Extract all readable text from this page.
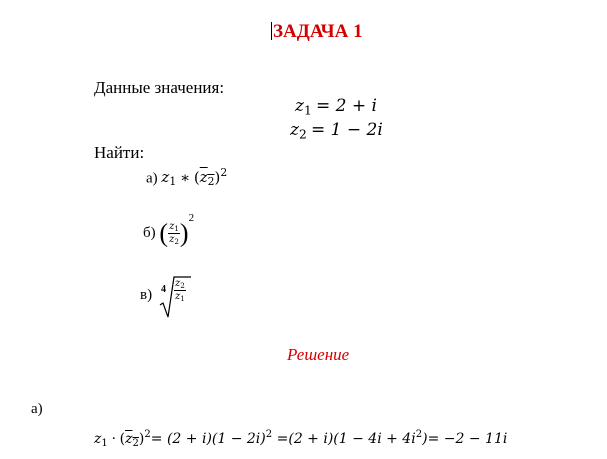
ЗАДАЧА 1
Данные значения:
$z_1 = 2 + i$
$z_2 = 1 - 2i$
Найти:
а) $z_1$ ∗ $(z_2)^2$
б) ( $\frac{z_1}{z_2} )^2$
в) $4 \frac{z_2}{z_1}$
Решение
а)
$z_1 \cdot (z_2)^2= (2 + i)(1 - 2i)^2 =(2 + i)(1 - 4i + 4i^2)= -2 - 11i$
